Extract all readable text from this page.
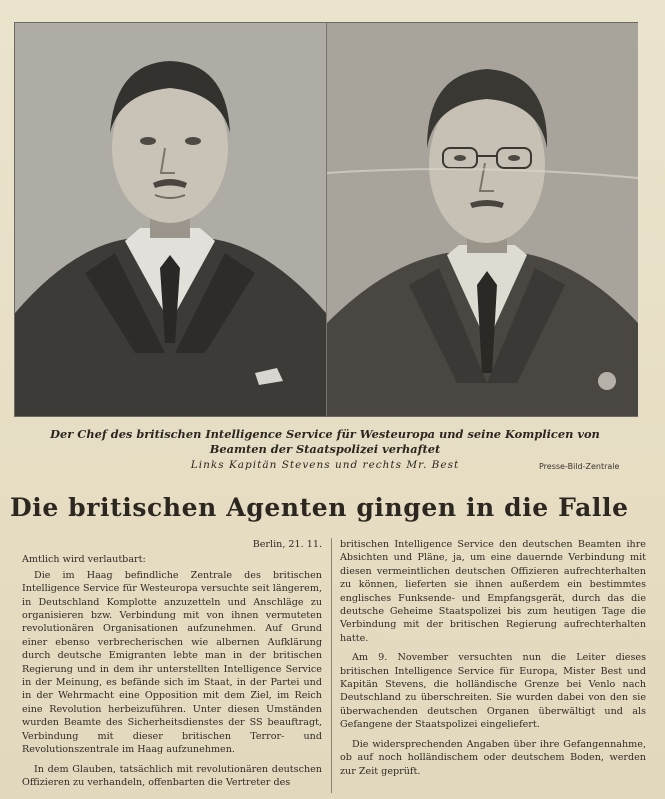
Der Chef des britischen Intelligence Service für Westeuropa und seine Komplicen von
Beamten der Staatspolizei verhaftet
Links Kapitän Stevens und rechts Mr. Best	Presse-Bild-Zentrale
Die britischen Agenten gingen in die Falle

Berlin, 21. 11.

Amtlich wird verlautbart:

Die im Haag befindliche Zentrale des britischen Intelligence Service für Westeuropa versuchte seit längerem, in Deutschland Komplotte anzuzetteln und Anschläge zu organisieren bzw. Verbindung mit von ihnen vermuteten revolutionären Organisationen aufzunehmen. Auf Grund einer ebenso verbrecherischen wie albernen Aufklärung durch deutsche Emigranten lebte man in der britischen Regierung und in dem ihr unterstellten Intelligence Service in der Meinung, es befände sich im Staat, in der Partei und in der Wehrmacht eine Opposition mit dem Ziel, im Reich eine Revolution herbeizuführen. Unter diesen Umständen wurden Beamte des Sicherheitsdienstes der SS beauftragt, Verbindung mit dieser britischen Terror- und Revolutionszentrale im Haag aufzunehmen.

In dem Glauben, tatsächlich mit revolutionären deutschen Offizieren zu verhandeln, offenbarten die Vertreter des

britischen Intelligence Service den deutschen Beamten ihre Absichten und Pläne, ja, um eine dauernde Verbindung mit diesen vermeintlichen deutschen Offizieren aufrechterhalten zu können, lieferten sie ihnen außerdem ein bestimmtes englisches Funksende- und Empfangsgerät, durch das die deutsche Geheime Staatspolizei bis zum heutigen Tage die Verbindung mit der britischen Regierung aufrechterhalten hatte.

Am 9. November versuchten nun die Leiter dieses britischen Intelligence Service für Europa, Mister Best und Kapitän Stevens, die holländische Grenze bei Venlo nach Deutschland zu überschreiten. Sie wurden dabei von den sie überwachenden deutschen Organen überwältigt und als Gefangene der Staatspolizei eingeliefert.

Die widersprechenden Angaben über ihre Gefangennahme, ob auf noch holländischem oder deutschem Boden, werden zur Zeit geprüft.
